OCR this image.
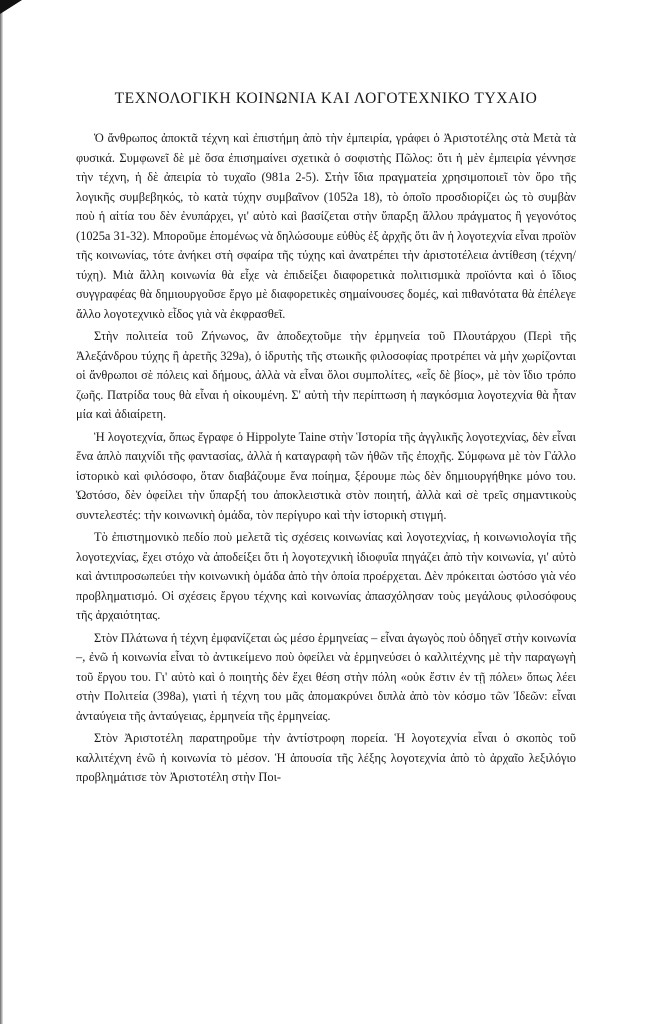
ΤΕΧΝΟΛΟΓΙΚΗ ΚΟΙΝΩΝΙΑ ΚΑΙ ΛΟΓΟΤΕΧΝΙΚΟ ΤΥΧΑΙΟ

Ὁ ἄνθρωπος ἀποκτᾶ τέχνη καὶ ἐπιστήμη ἀπὸ τὴν ἐμπειρία, γράφει ὁ Ἀριστοτέλης στὰ Μετὰ τὰ φυσικά. Συμφωνεῖ δὲ μὲ ὅσα ἐπισημαίνει σχετικὰ ὁ σοφιστὴς Πῶλος: ὅτι ἡ μὲν ἐμπειρία γέννησε τὴν τέχνη, ἡ δὲ ἀπειρία τὸ τυχαῖο (981a 2-5). Στὴν ἴδια πραγματεία χρησιμοποιεῖ τὸν ὅρο τῆς λογικῆς συμβεβηκός, τὸ κατὰ τύχην συμβαῖνον (1052a 18), τὸ ὁποῖο προσδιορίζει ὡς τὸ συμβὰν ποὺ ἡ αἰτία του δὲν ἐνυπάρχει, γι' αὐτὸ καὶ βασίζεται στὴν ὕπαρξη ἄλλου πράγματος ἢ γεγονότος (1025a 31-32). Μποροῦμε ἑπομένως νὰ δηλώσουμε εὐθὺς ἐξ ἀρχῆς ὅτι ἂν ἡ λογοτεχνία εἶναι προϊὸν τῆς κοινωνίας, τότε ἀνήκει στὴ σφαίρα τῆς τύχης καὶ ἀνατρέπει τὴν ἀριστοτέλεια ἀντίθεση (τέχνη/τύχη). Μιὰ ἄλλη κοινωνία θὰ εἶχε νὰ ἐπιδείξει διαφορετικὰ πολιτισμικὰ προϊόντα καὶ ὁ ἴδιος συγγραφέας θὰ δημιουργοῦσε ἔργο μὲ διαφορετικὲς σημαίνουσες δομές, καὶ πιθανότατα θὰ ἐπέλεγε ἄλλο λογοτεχνικὸ εἶδος γιὰ νὰ ἐκφρασθεῖ.

Στὴν πολιτεία τοῦ Ζήνωνος, ἂν ἀποδεχτοῦμε τὴν ἑρμηνεία τοῦ Πλουτάρχου (Περὶ τῆς Ἀλεξάνδρου τύχης ἢ ἀρετῆς 329a), ὁ ἱδρυτὴς τῆς στωικῆς φιλοσοφίας προτρέπει νὰ μὴν χωρίζονται οἱ ἄνθρωποι σὲ πόλεις καὶ δήμους, ἀλλὰ νὰ εἶναι ὅλοι συμπολίτες, «εἷς δὲ βίος», μὲ τὸν ἴδιο τρόπο ζωῆς. Πατρίδα τους θὰ εἶναι ἡ οἰκουμένη. Σ' αὐτὴ τὴν περίπτωση ἡ παγκόσμια λογοτεχνία θὰ ἦταν μία καὶ ἀδιαίρετη.

Ἡ λογοτεχνία, ὅπως ἔγραφε ὁ Hippolyte Taine στὴν Ἱστορία τῆς ἀγγλικῆς λογοτεχνίας, δὲν εἶναι ἕνα ἁπλὸ παιχνίδι τῆς φαντασίας, ἀλλὰ ἡ καταγραφὴ τῶν ἠθῶν τῆς ἐποχῆς. Σύμφωνα μὲ τὸν Γάλλο ἱστορικὸ καὶ φιλόσοφο, ὅταν διαβάζουμε ἕνα ποίημα, ξέρουμε πὼς δὲν δημιουργήθηκε μόνο του. Ὡστόσο, δὲν ὀφείλει τὴν ὕπαρξή του ἀποκλειστικὰ στὸν ποιητή, ἀλλὰ καὶ σὲ τρεῖς σημαντικοὺς συντελεστές: τὴν κοινωνικὴ ὁμάδα, τὸν περίγυρο καὶ τὴν ἱστορικὴ στιγμή.

Τὸ ἐπιστημονικὸ πεδίο ποὺ μελετᾶ τὶς σχέσεις κοινωνίας καὶ λογοτεχνίας, ἡ κοινωνιολογία τῆς λογοτεχνίας, ἔχει στόχο νὰ ἀποδείξει ὅτι ἡ λογοτεχνικὴ ἰδιοφυΐα πηγάζει ἀπὸ τὴν κοινωνία, γι' αὐτὸ καὶ ἀντιπροσωπεύει τὴν κοινωνικὴ ὁμάδα ἀπὸ τὴν ὁποία προέρχεται. Δὲν πρόκειται ὡστόσο γιὰ νέο προβληματισμό. Οἱ σχέσεις ἔργου τέχνης καὶ κοινωνίας ἀπασχόλησαν τοὺς μεγάλους φιλοσόφους τῆς ἀρχαιότητας.

Στὸν Πλάτωνα ἡ τέχνη ἐμφανίζεται ὡς μέσο ἑρμηνείας – εἶναι ἀγωγὸς ποὺ ὁδηγεῖ στὴν κοινωνία –, ἐνῶ ἡ κοινωνία εἶναι τὸ ἀντικείμενο ποὺ ὀφείλει νὰ ἑρμηνεύσει ὁ καλλιτέχνης μὲ τὴν παραγωγὴ τοῦ ἔργου του. Γι' αὐτὸ καὶ ὁ ποιητὴς δὲν ἔχει θέση στὴν πόλη «οὐκ ἔστιν ἐν τῇ πόλει» ὅπως λέει στὴν Πολιτεία (398a), γιατὶ ἡ τέχνη του μᾶς ἀπομακρύνει διπλὰ ἀπὸ τὸν κόσμο τῶν Ἰδεῶν: εἶναι ἀνταύγεια τῆς ἀνταύγειας, ἑρμηνεία τῆς ἑρμηνείας.

Στὸν Ἀριστοτέλη παρατηροῦμε τὴν ἀντίστροφη πορεία. Ἡ λογοτεχνία εἶναι ὁ σκοπὸς τοῦ καλλιτέχνη ἐνῶ ἡ κοινωνία τὸ μέσον. Ἡ ἀπουσία τῆς λέξης λογοτεχνία ἀπὸ τὸ ἀρχαῖο λεξιλόγιο προβλημάτισε τὸν Ἀριστοτέλη στὴν Ποι-
